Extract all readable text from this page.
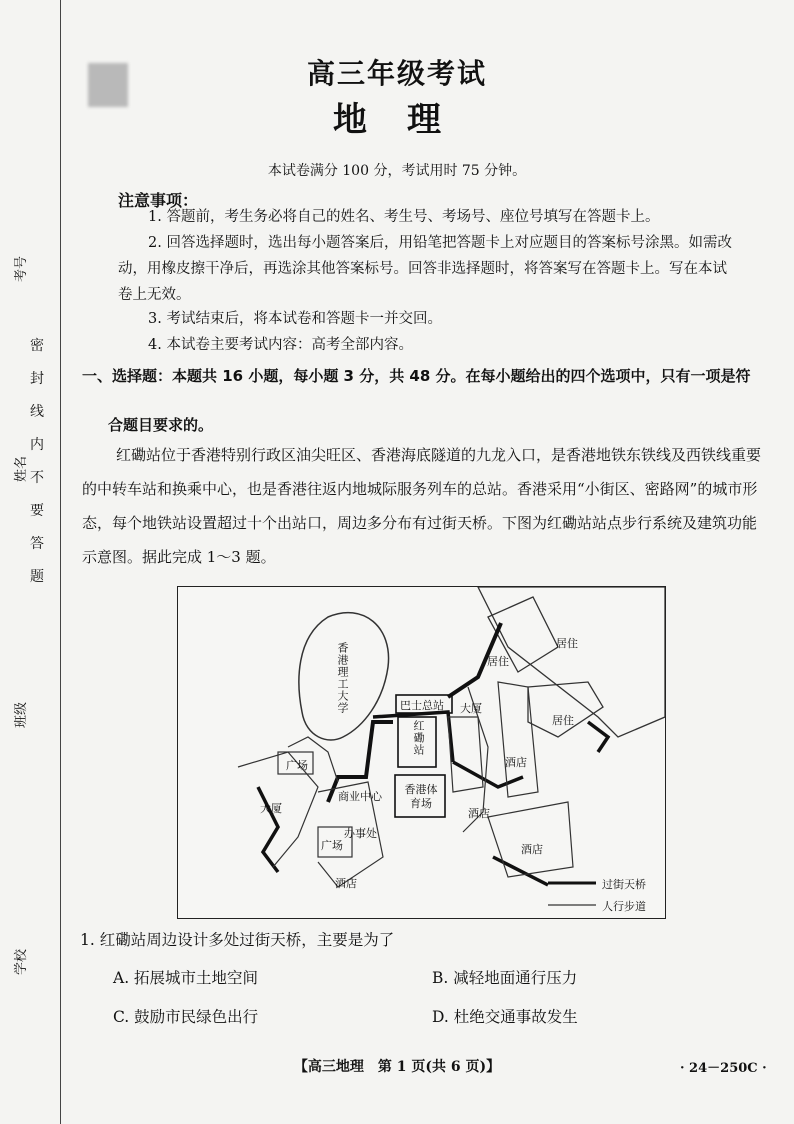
考号
姓名
班级
学校
密封线内不要答题
高三年级考试
地理
本试卷满分 100 分，考试用时 75 分钟。
注意事项：
1. 答题前，考生务必将自己的姓名、考生号、考场号、座位号填写在答题卡上。
2. 回答选择题时，选出每小题答案后，用铅笔把答题卡上对应题目的答案标号涂黑。如需改动，用橡皮擦干净后，再选涂其他答案标号。回答非选择题时，将答案写在答题卡上。写在本试卷上无效。
3. 考试结束后，将本试卷和答题卡一并交回。
4. 本试卷主要考试内容：高考全部内容。
一、选择题：本题共 16 小题，每小题 3 分，共 48 分。在每小题给出的四个选项中，只有一项是符
合题目要求的。
红磡站位于香港特别行政区油尖旺区、香港海底隧道的九龙入口，是香港地铁东铁线及西铁线重要的中转车站和换乘中心，也是香港往返内地城际服务列车的总站。香港采用“小街区、密路网”的城市形态，每个地铁站设置超过十个出站口，周边多分布有过街天桥。下图为红磡站站点步行系统及建筑功能示意图。据此完成 1～3 题。
香港理工大学	居住
居住
居住
巴士总站 大厦
大厦
红磡站
酒店
酒店
酒店
酒店
广场
广场
商业中心
香港体育场
办事处
过街天桥
人行步道
1. 红磡站周边设计多处过街天桥，主要是为了
A. 拓展城市土地空间	B. 减轻地面通行压力
C. 鼓励市民绿色出行	D. 杜绝交通事故发生
【高三地理　第 1 页(共 6 页)】	· 24－250C ·
